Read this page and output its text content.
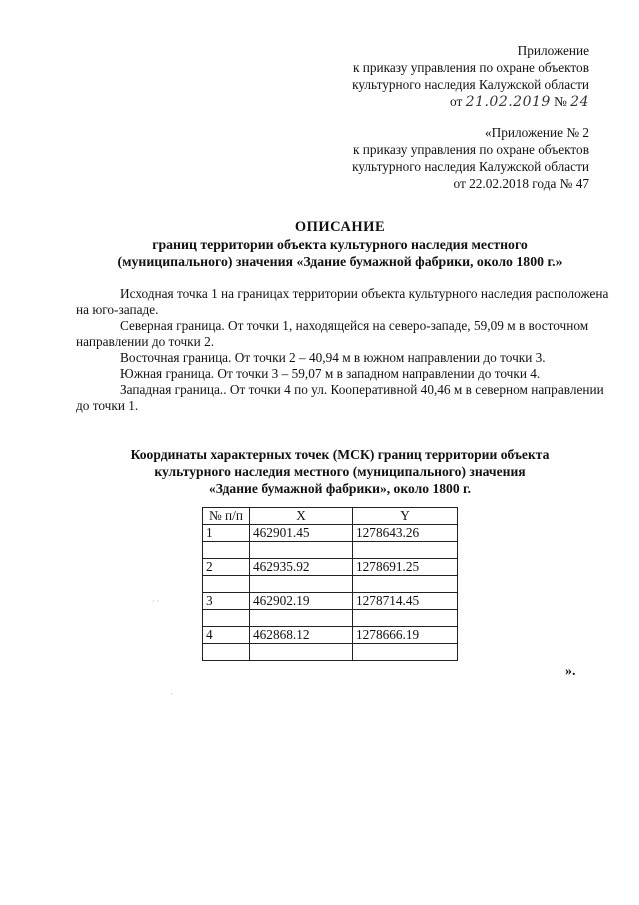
Приложение
к приказу управления по охране объектов
культурного наследия Калужской области
от 21.02.2019 № 24
«Приложение № 2
к приказу управления по охране объектов
культурного наследия Калужской области
от 22.02.2018 года № 47
ОПИСАНИЕ
границ территории объекта культурного наследия местного
(муниципального) значения «Здание бумажной фабрики, около 1800 г.»

Исходная точка 1 на границах территории объекта культурного наследия расположена на юго-западе.

Северная граница. От точки 1, находящейся на северо-западе, 59,09 м в восточном направлении до точки 2.

Восточная граница. От точки 2 – 40,94 м в южном направлении до точки 3.

Южная граница. От точки 3 – 59,07 м в западном направлении до точки 4.

Западная граница.. От точки 4 по ул. Кооперативной 40,46 м в северном направлении до точки 1.

Координаты характерных точек (МСК) границ территории объекта
культурного наследия местного (муниципального) значения
«Здание бумажной фабрики», около 1800 г.
№ п/п	X	Y
1	462901.45	1278643.26

2	462935.92	1278691.25

3	462902.19	1278714.45

4	462868.12	1278666.19

».
· ·
·
